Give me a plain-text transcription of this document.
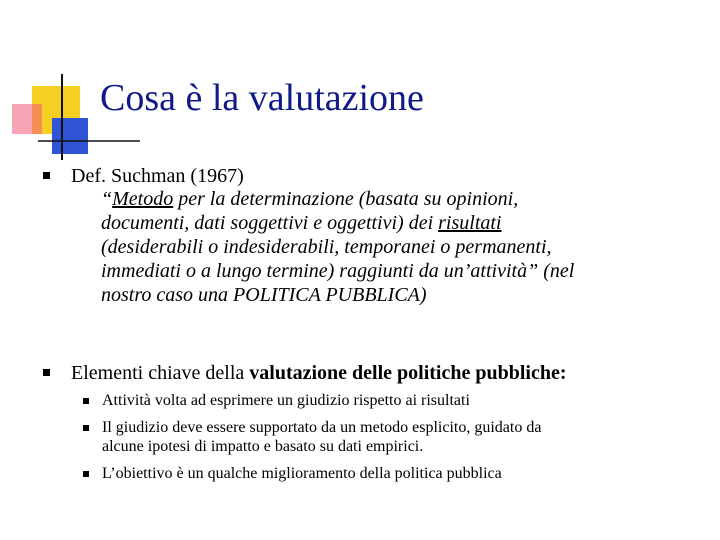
Cosa è la valutazione
Def. Suchman (1967)
“Metodo per la determinazione (basata su opinioni,
documenti, dati soggettivi e oggettivi) dei risultati
(desiderabili o indesiderabili, temporanei o permanenti,
immediati o a lungo termine) raggiunti da un’attività” (nel
nostro caso una POLITICA PUBBLICA)
Elementi chiave della valutazione delle politiche pubbliche:
Attività volta ad esprimere un giudizio rispetto ai risultati
Il giudizio deve essere supportato da un metodo esplicito, guidato da
alcune ipotesi di impatto e basato su dati empirici.
L’obiettivo è un qualche miglioramento della politica pubblica
